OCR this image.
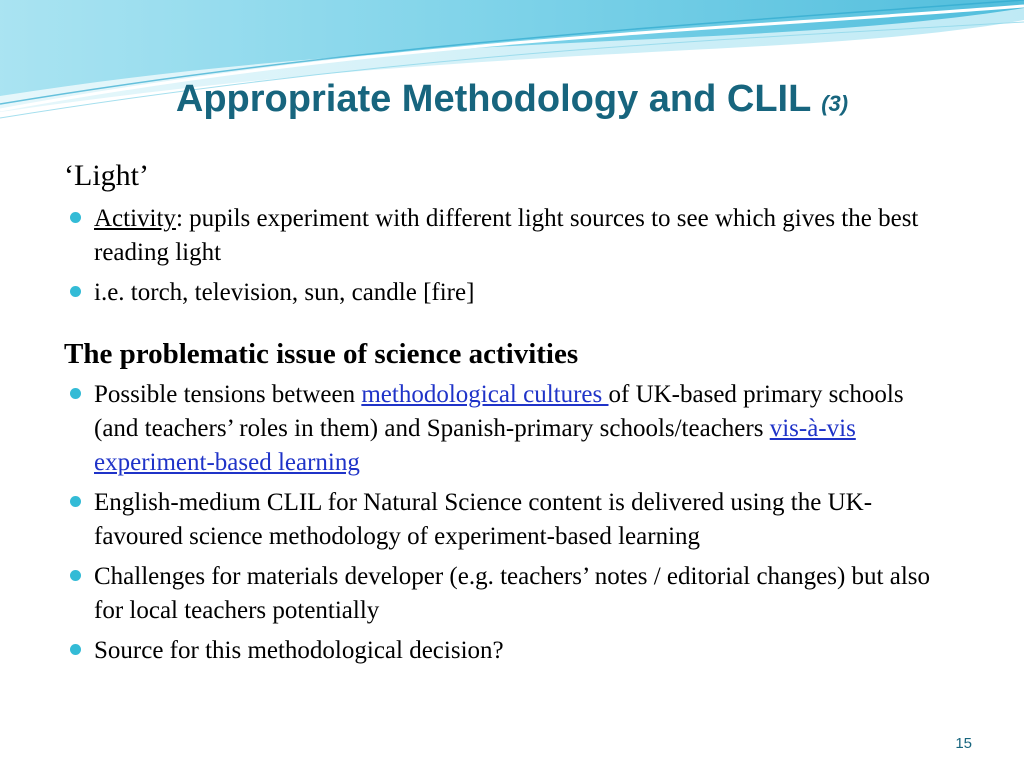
Appropriate Methodology and CLIL (3)

‘Light’

Activity: pupils experiment with different light sources to see which gives the best reading light
i.e. torch, television, sun, candle [fire]

The problematic issue of science activities

Possible tensions between methodological cultures of UK-based primary schools (and teachers’ roles in them) and Spanish-primary schools/teachers vis-à-vis experiment-based learning
English-medium CLIL for Natural Science content is delivered using the UK-favoured science methodology of experiment-based learning
Challenges for materials developer (e.g. teachers’ notes / editorial changes) but also for local teachers potentially
Source for this methodological decision?
15
